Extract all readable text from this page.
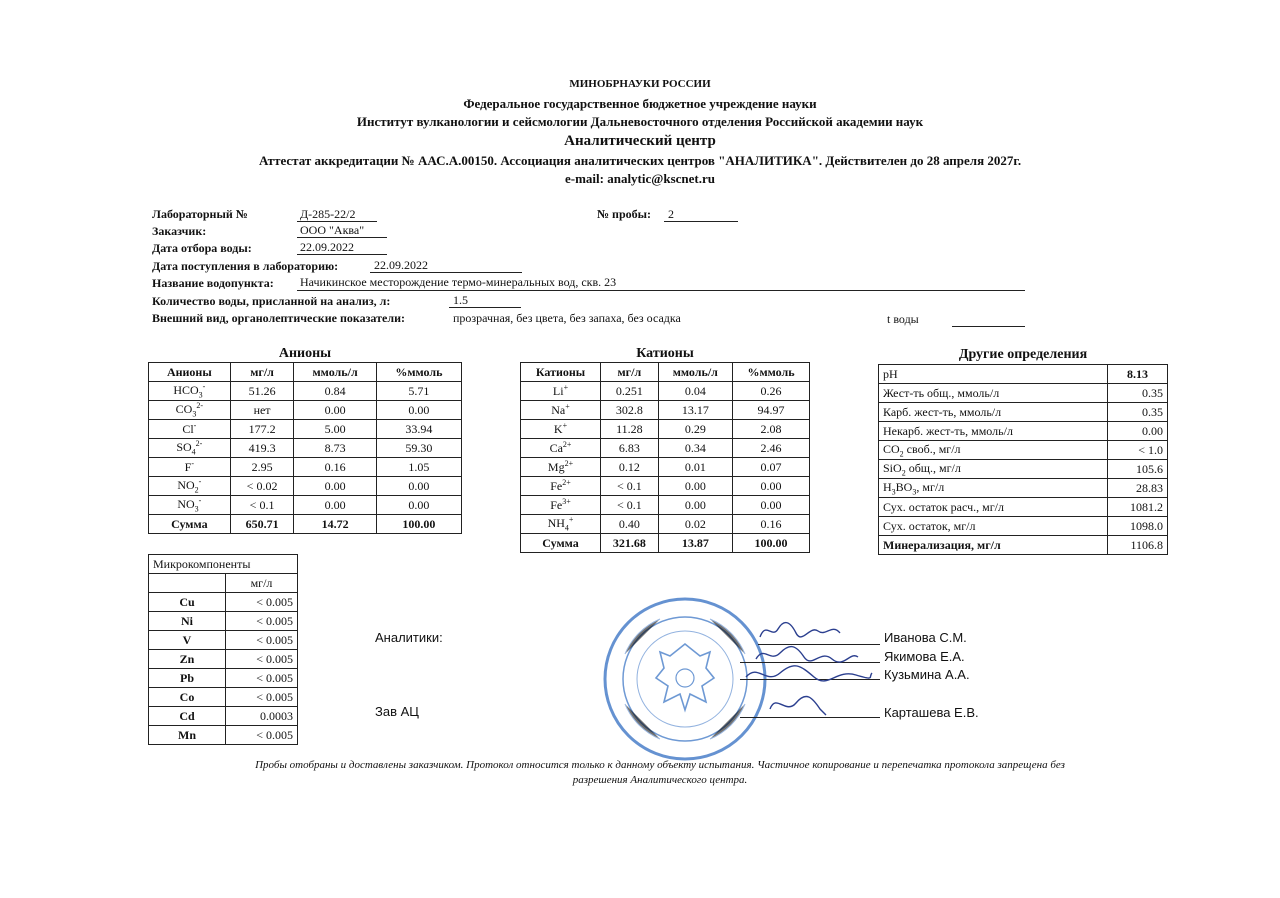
МИНОБРНАУКИ РОССИИ
Федеральное государственное бюджетное учреждение науки
Институт вулканологии и сейсмологии Дальневосточного отделения Российской академии наук
Аналитический центр
Аттестат аккредитации № ААС.А.00150. Ассоциация аналитических центров "АНАЛИТИКА". Действителен до 28 апреля 2027г.
e-mail: analytic@kscnet.ru
Лабораторный №	Д-285-22/2	№ пробы: 2
Заказчик:	ООО "Аква"
Дата отбора воды:	22.09.2022
Дата поступления в лабораторию:	22.09.2022
Название водопункта: Начикинское месторождение термо-минеральных вод, скв. 23
Количество воды, присланной на анализ, л:	1.5
Внешний вид, органолептические показатели:	прозрачная, без цвета, без запаха, без осадка	t воды
Анионы
Анионы	мг/л	ммоль/л	%ммоль
$HCO_3^-$	51.26	0.84	5.71
$CO_3^{2-}$	нет	0.00	0.00
Cl-	177.2	5.00	33.94
$SO_4^{2-}$	419.3	8.73	59.30
F-	2.95	0.16	1.05
$NO_2^-$	< 0.02	0.00	0.00
$NO_3^-$	< 0.1	0.00	0.00
Сумма	650.71	14.72	100.00
Катионы
Катионы	мг/л	ммоль/л	%ммоль
Li+	0.251	0.04	0.26
Na+	302.8	13.17	94.97
K+	11.28	0.29	2.08
$Ca^{2+}$	6.83	0.34	2.46
$Mg^{2+}$	0.12	0.01	0.07
$Fe^{2+}$	< 0.1	0.00	0.00
$Fe^{3+}$	< 0.1	0.00	0.00
$NH_4^+$	0.40	0.02	0.16
Сумма	321.68	13.87	100.00
Другие определения
pH	8.13
Жест-ть общ., ммоль/л	0.35
Карб. жест-ть, ммоль/л	0.35
Некарб. жест-ть, ммоль/л	0.00
$CO_2$ своб., мг/л	< 1.0
SiO$_2$ общ., мг/л	105.6
$H_3BO_3$, мг/л	28.83
Сух. остаток расч., мг/л	1081.2
Сух. остаток, мг/л	1098.0
Минерализация, мг/л	1106.8
Микрокомпоненты	
	мг/л
Cu	< 0.005
Ni	< 0.005
V	< 0.005
Zn	< 0.005
Pb	< 0.005
Co	< 0.005
Cd	0.0003
Mn	< 0.005
Аналитики:
Зав АЦ
Иванова С.М.
Якимова Е.А.
Кузьмина А.А.
Карташева Е.В.
Пробы отобраны и доставлены заказчиком. Протокол относится только к данному объекту испытания. Частичное копирование и перепечатка протокола запрещена без
разрешения Аналитического центра.
